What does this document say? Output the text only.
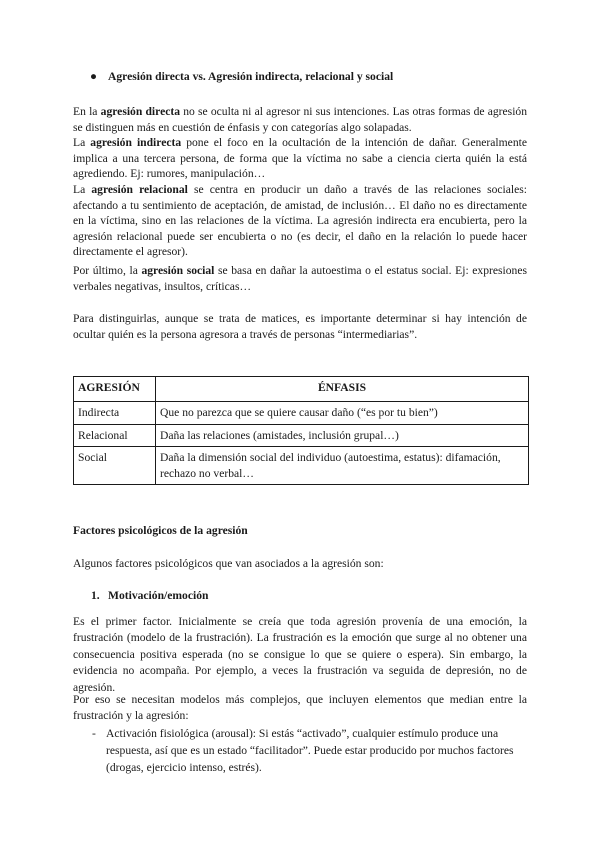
● Agresión directa vs. Agresión indirecta, relacional y social

En la agresión directa no se oculta ni al agresor ni sus intenciones. Las otras formas de agresión se distinguen más en cuestión de énfasis y con categorías algo solapadas.

La agresión indirecta pone el foco en la ocultación de la intención de dañar. Generalmente implica a una tercera persona, de forma que la víctima no sabe a ciencia cierta quién la está agrediendo. Ej: rumores, manipulación…

La agresión relacional se centra en producir un daño a través de las relaciones sociales: afectando a tu sentimiento de aceptación, de amistad, de inclusión… El daño no es directamente en la víctima, sino en las relaciones de la víctima. La agresión indirecta era encubierta, pero la agresión relacional puede ser encubierta o no (es decir, el daño en la relación lo puede hacer directamente el agresor).

Por último, la agresión social se basa en dañar la autoestima o el estatus social. Ej: expresiones verbales negativas, insultos, críticas…

Para distinguirlas, aunque se trata de matices, es importante determinar si hay intención de ocultar quién es la persona agresora a través de personas “intermediarias”.

AGRESIÓN	ÉNFASIS
Indirecta	Que no parezca que se quiere causar daño (“es por tu bien”)
Relacional	Daña las relaciones (amistades, inclusión grupal…)
Social	Daña la dimensión social del individuo (autoestima, estatus): difamación, rechazo no verbal…

Factores psicológicos de la agresión

Algunos factores psicológicos que van asociados a la agresión son:

1. Motivación/emoción

Es el primer factor. Inicialmente se creía que toda agresión provenía de una emoción, la frustración (modelo de la frustración). La frustración es la emoción que surge al no obtener una consecuencia positiva esperada (no se consigue lo que se quiere o espera). Sin embargo, la evidencia no acompaña. Por ejemplo, a veces la frustración va seguida de depresión, no de agresión.

Por eso se necesitan modelos más complejos, que incluyen elementos que median entre la frustración y la agresión:

- Activación fisiológica (arousal): Si estás “activado”, cualquier estímulo produce una respuesta, así que es un estado “facilitador”. Puede estar producido por muchos factores (drogas, ejercicio intenso, estrés).
